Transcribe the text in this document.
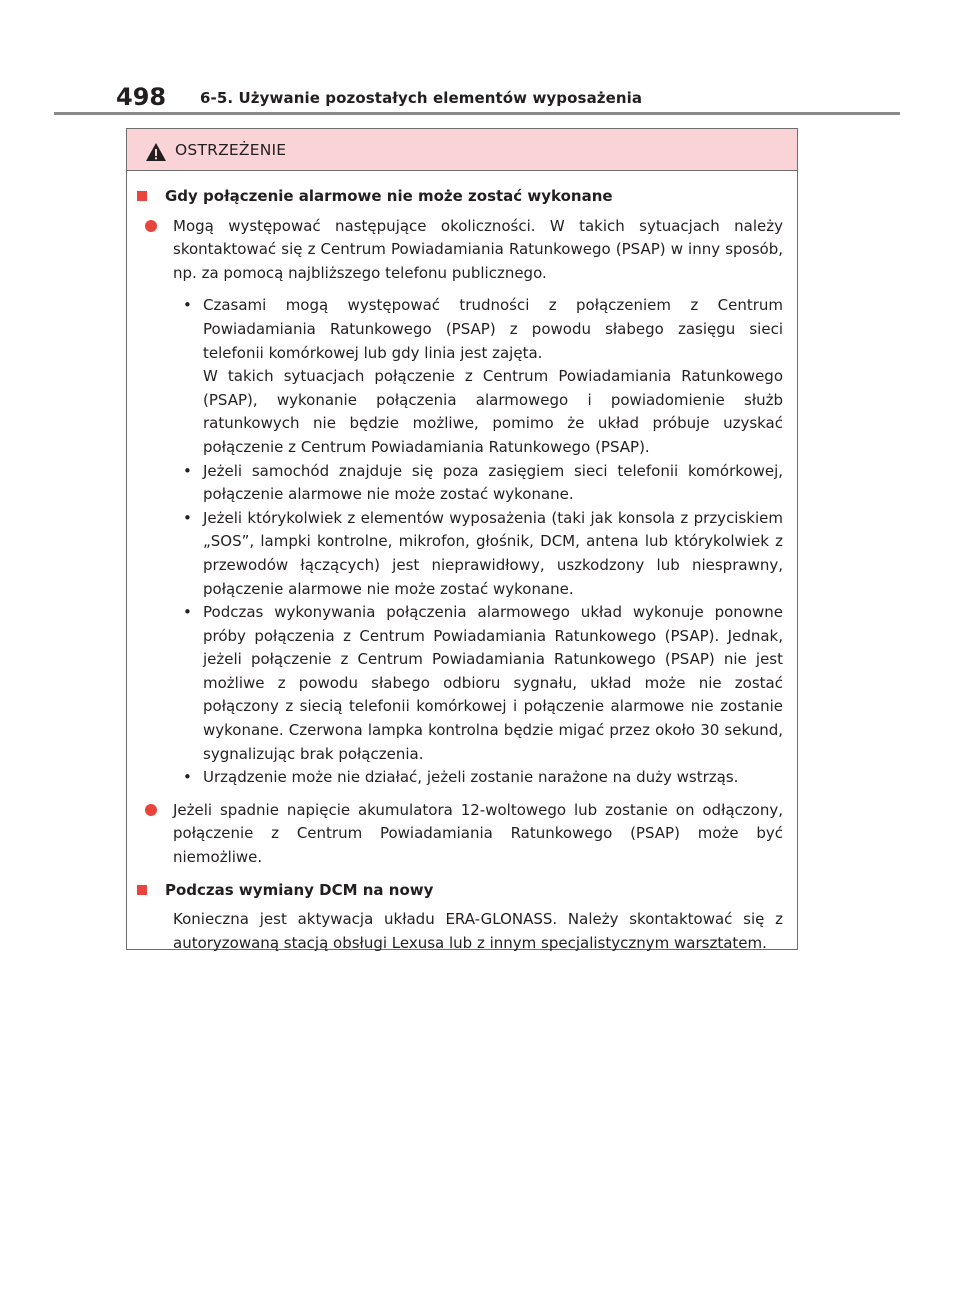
498 6-5. Używanie pozostałych elementów wyposażenia
OSTRZEŻENIE
Gdy połączenie alarmowe nie może zostać wykonane
Mogą występować następujące okoliczności. W takich sytuacjach należy skontaktować się z Centrum Powiadamiania Ratunkowego (PSAP) w inny sposób, np. za pomocą najbliższego telefonu publicznego.
• Czasami mogą występować trudności z połączeniem z Centrum Powiadamiania Ratunkowego (PSAP) z powodu słabego zasięgu sieci telefonii komórkowej lub gdy linia jest zajęta.
W takich sytuacjach połączenie z Centrum Powiadamiania Ratunkowego (PSAP), wykonanie połączenia alarmowego i powiadomienie służb ratunkowych nie będzie możliwe, pomimo że układ próbuje uzyskać połączenie z Centrum Powiadamiania Ratunkowego (PSAP).
• Jeżeli samochód znajduje się poza zasięgiem sieci telefonii komórkowej, połączenie alarmowe nie może zostać wykonane.
• Jeżeli którykolwiek z elementów wyposażenia (taki jak konsola z przyciskiem „SOS”, lampki kontrolne, mikrofon, głośnik, DCM, antena lub którykolwiek z przewodów łączących) jest nieprawidłowy, uszkodzony lub niesprawny, połączenie alarmowe nie może zostać wykonane.
• Podczas wykonywania połączenia alarmowego układ wykonuje ponowne próby połączenia z Centrum Powiadamiania Ratunkowego (PSAP). Jednak, jeżeli połączenie z Centrum Powiadamiania Ratunkowego (PSAP) nie jest możliwe z powodu słabego odbioru sygnału, układ może nie zostać połączony z siecią telefonii komórkowej i połączenie alarmowe nie zostanie wykonane. Czerwona lampka kontrolna będzie migać przez około 30 sekund, sygnalizując brak połączenia.
• Urządzenie może nie działać, jeżeli zostanie narażone na duży wstrząs.
Jeżeli spadnie napięcie akumulatora 12-woltowego lub zostanie on odłączony, połączenie z Centrum Powiadamiania Ratunkowego (PSAP) może być niemożliwe.
Podczas wymiany DCM na nowy
Konieczna jest aktywacja układu ERA-GLONASS. Należy skontaktować się z autoryzowaną stacją obsługi Lexusa lub z innym specjalistycznym warsztatem.
